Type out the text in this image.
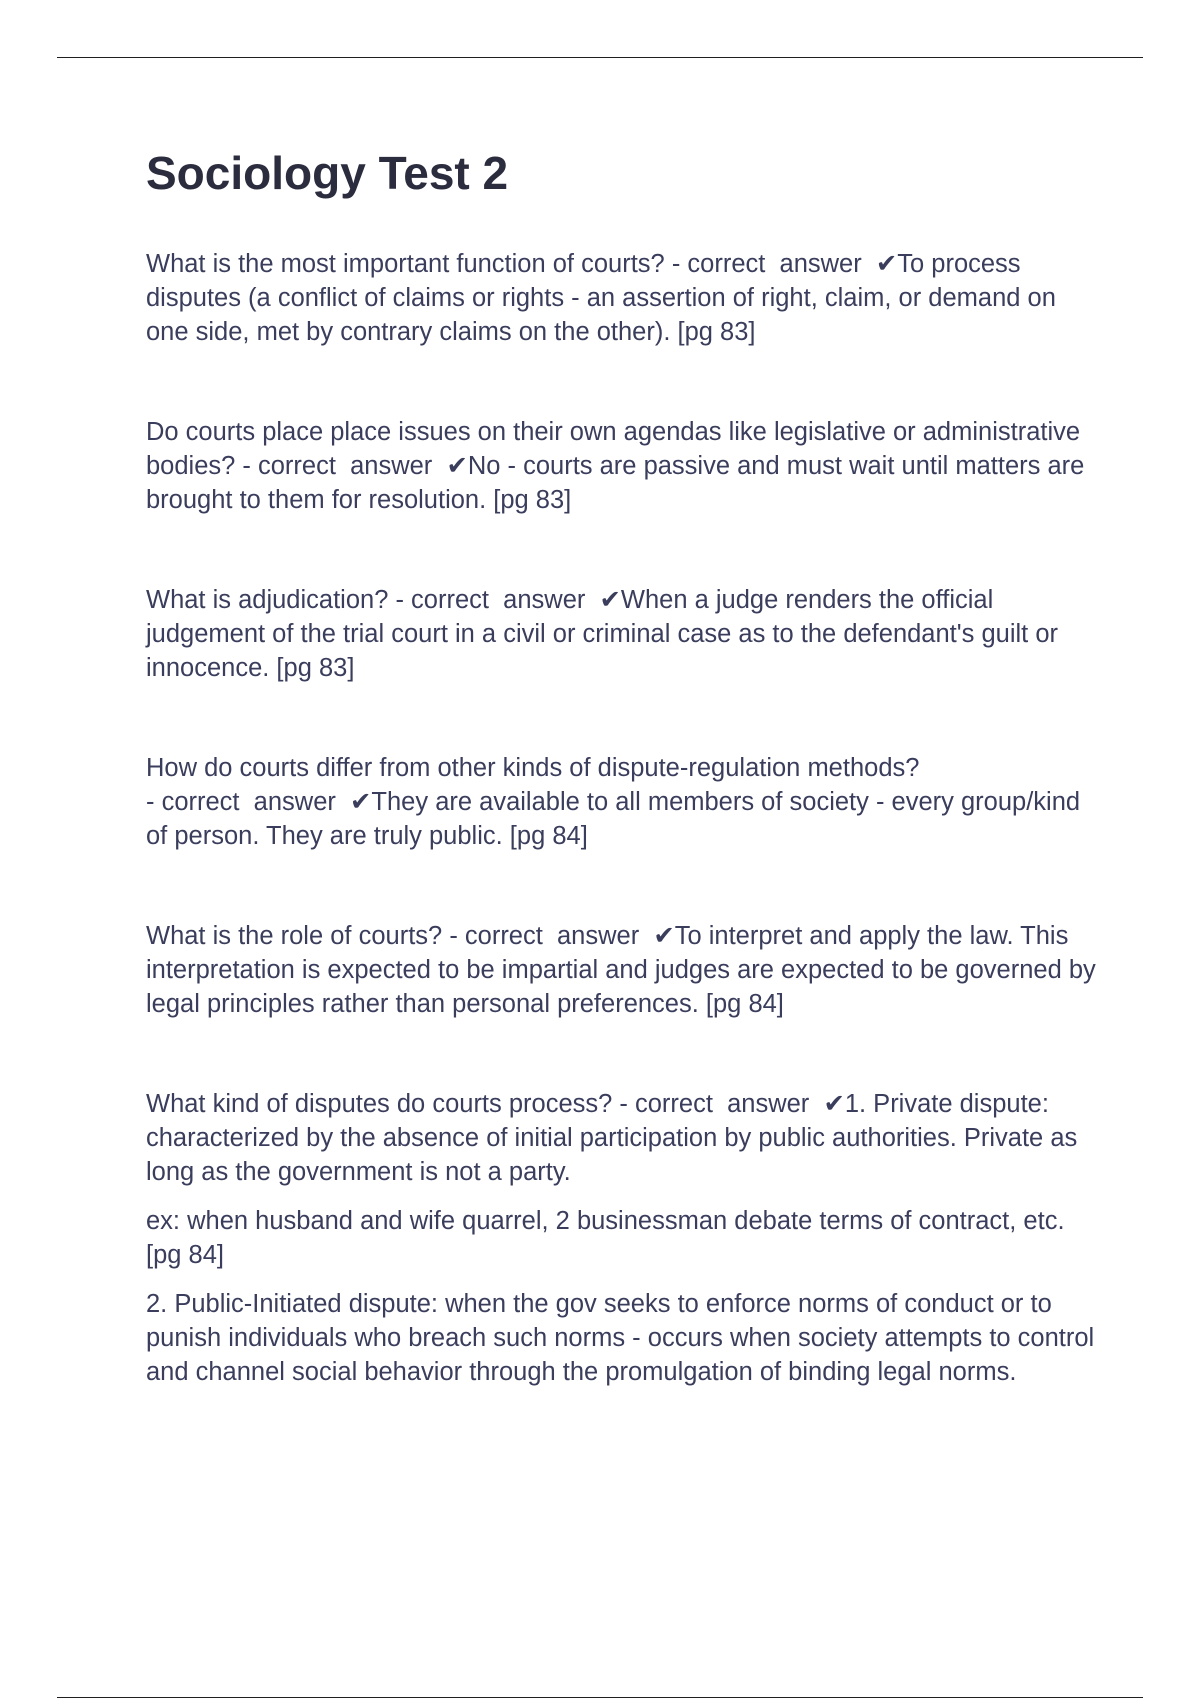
Sociology Test 2

What is the most important function of courts? - correct  answer  ✔To process disputes (a conflict of claims or rights - an assertion of right, claim, or demand on one side, met by contrary claims on the other). [pg 83]

Do courts place place issues on their own agendas like legislative or administrative bodies? - correct  answer  ✔No - courts are passive and must wait until matters are brought to them for resolution. [pg 83]

What is adjudication? - correct  answer  ✔When a judge renders the official judgement of the trial court in a civil or criminal case as to the defendant's guilt or innocence. [pg 83]

How do courts differ from other kinds of dispute-regulation methods? - correct  answer  ✔They are available to all members of society - every group/kind of person. They are truly public. [pg 84]

What is the role of courts? - correct  answer  ✔To interpret and apply the law. This interpretation is expected to be impartial and judges are expected to be governed by legal principles rather than personal preferences. [pg 84]

What kind of disputes do courts process? - correct  answer  ✔1. Private dispute: characterized by the absence of initial participation by public authorities. Private as long as the government is not a party.

ex: when husband and wife quarrel, 2 businessman debate terms of contract, etc. [pg 84]

2. Public-Initiated dispute: when the gov seeks to enforce norms of conduct or to punish individuals who breach such norms - occurs when society attempts to control and channel social behavior through the promulgation of binding legal norms.
